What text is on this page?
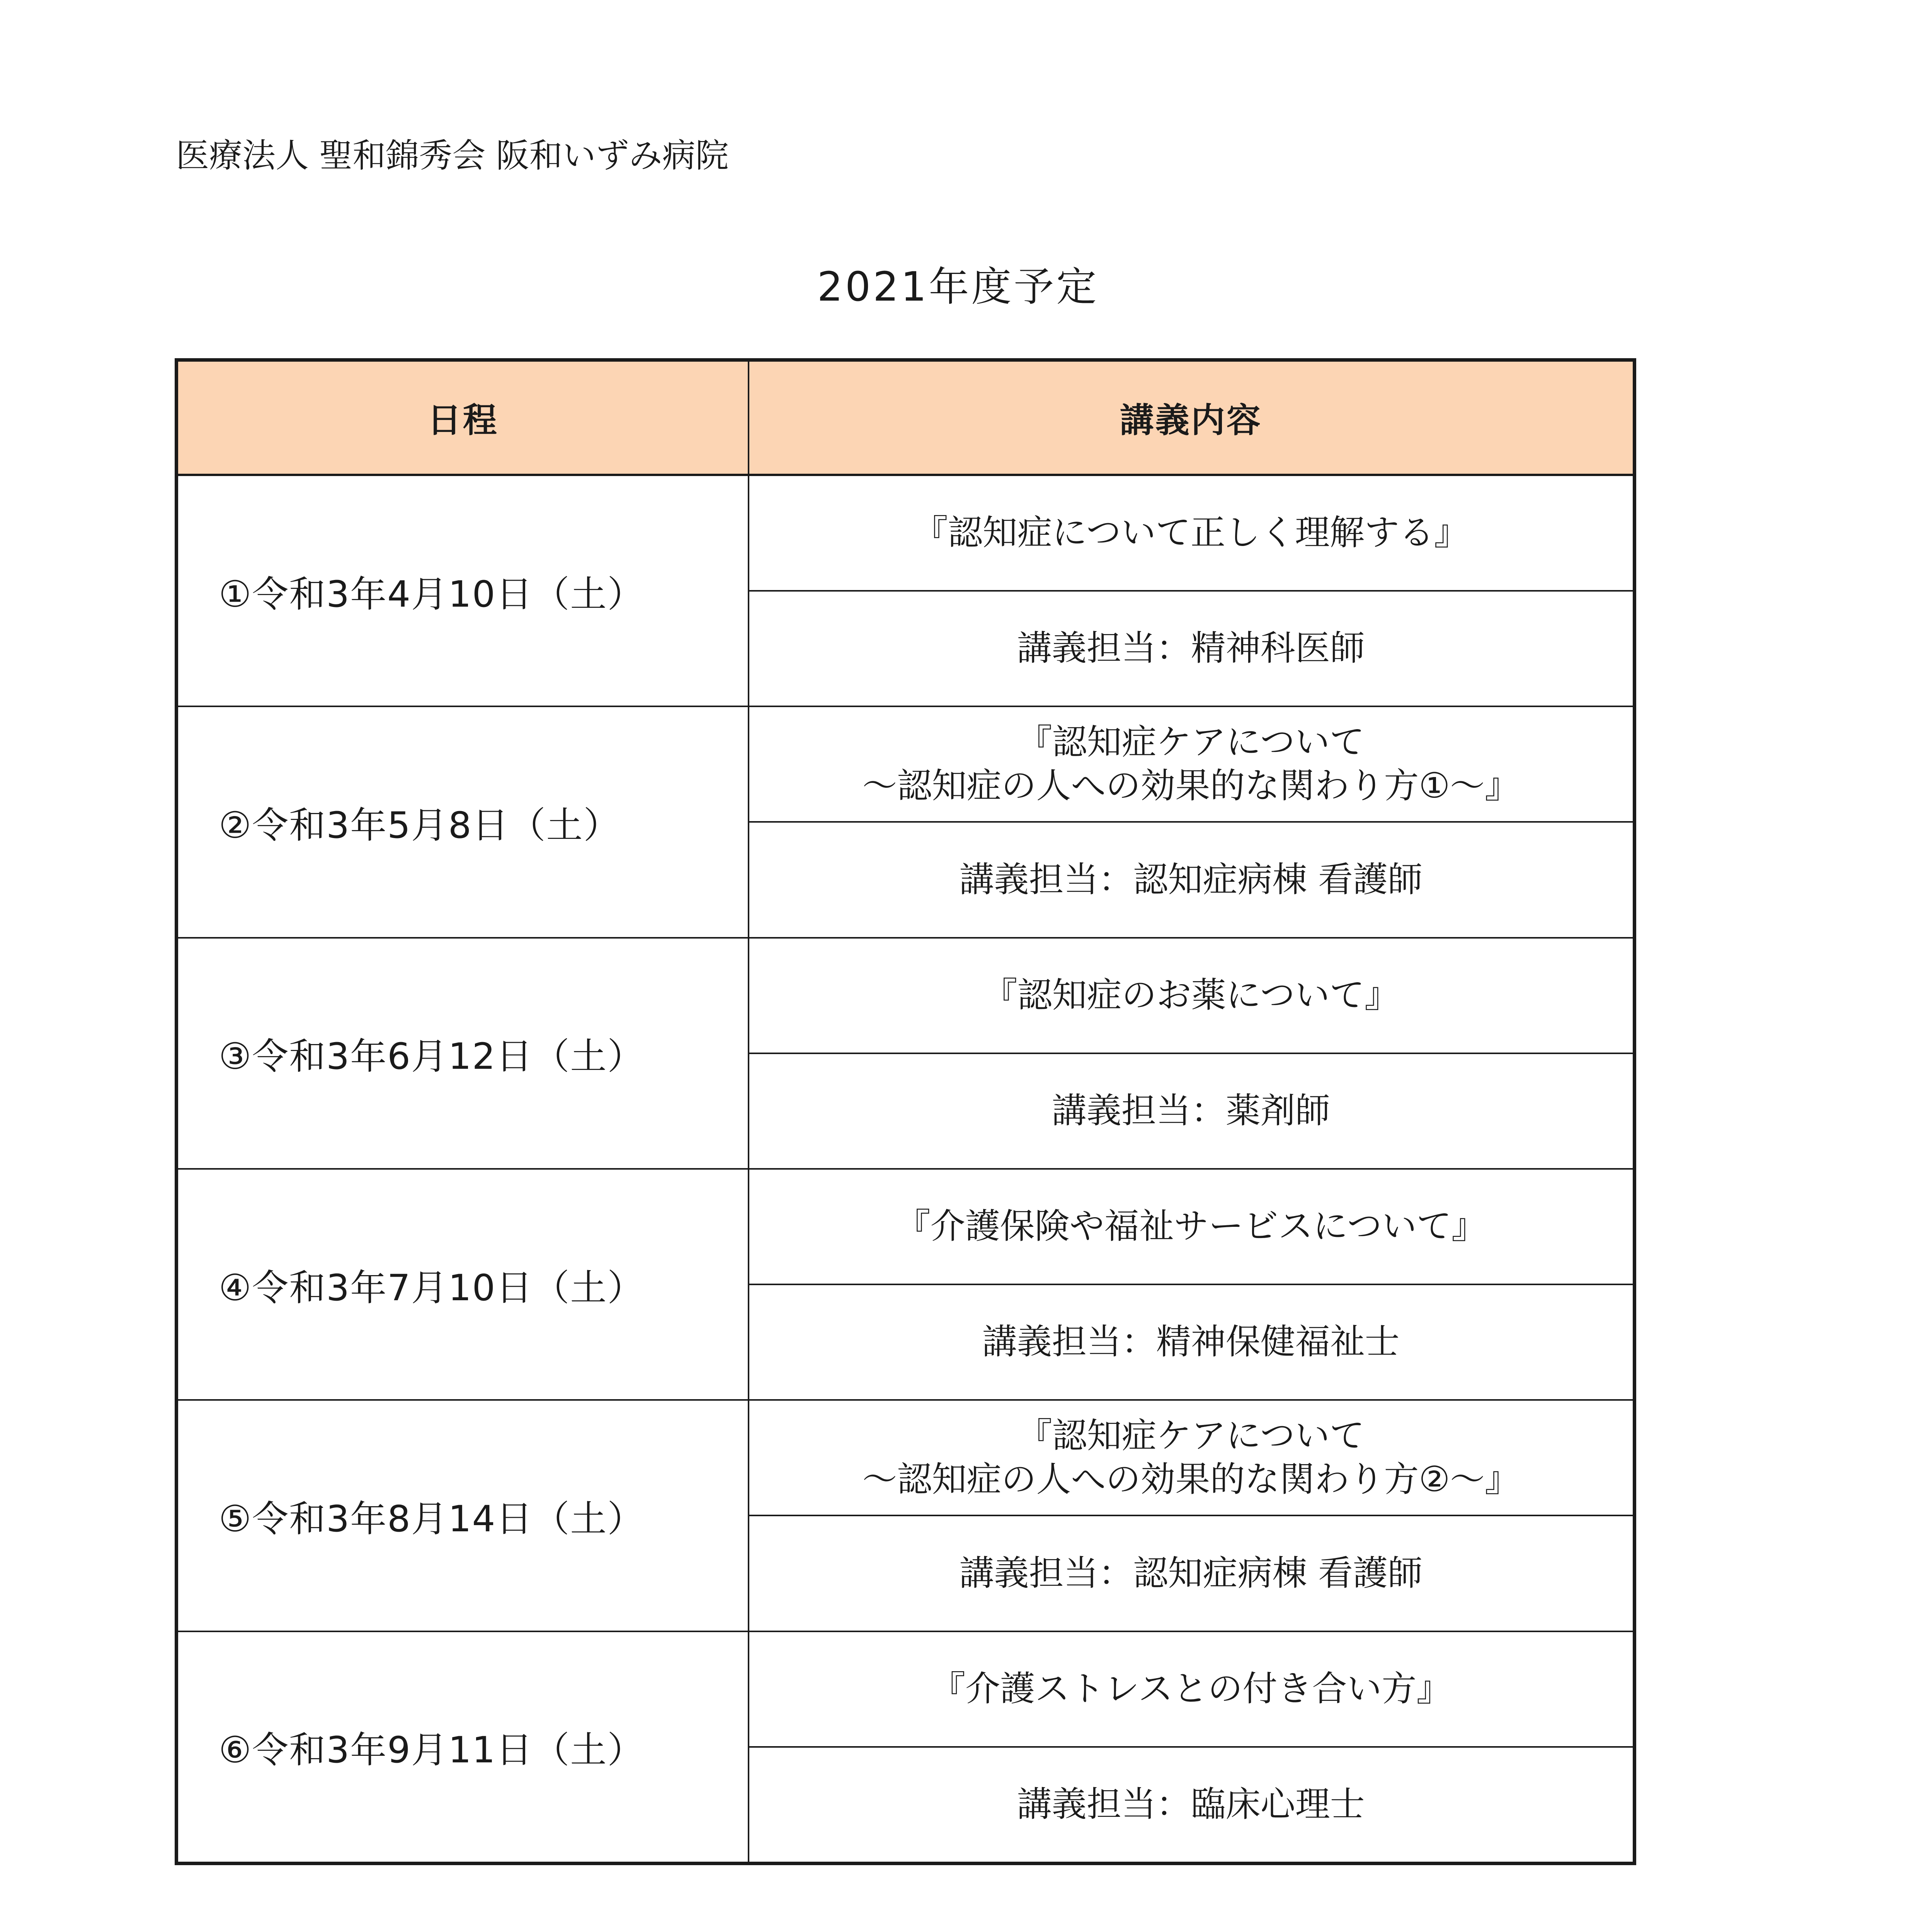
医療法人 聖和錦秀会 阪和いずみ病院
2021年度予定
日程	講義内容
①令和3年4月10日（土）	『認知症について正しく理解する』

	講義担当：精神科医師
②令和3年5月8日（土）	『認知症ケアについて
～認知症の人への効果的な関わり方①～』

	講義担当：認知症病棟 看護師
③令和3年6月12日（土）	『認知症のお薬について』

	講義担当：薬剤師
④令和3年7月10日（土）	『介護保険や福祉サービスについて』

	講義担当：精神保健福祉士
⑤令和3年8月14日（土）	『認知症ケアについて
～認知症の人への効果的な関わり方②～』

	講義担当：認知症病棟 看護師
⑥令和3年9月11日（土）	『介護ストレスとの付き合い方』

	講義担当：臨床心理士
・
